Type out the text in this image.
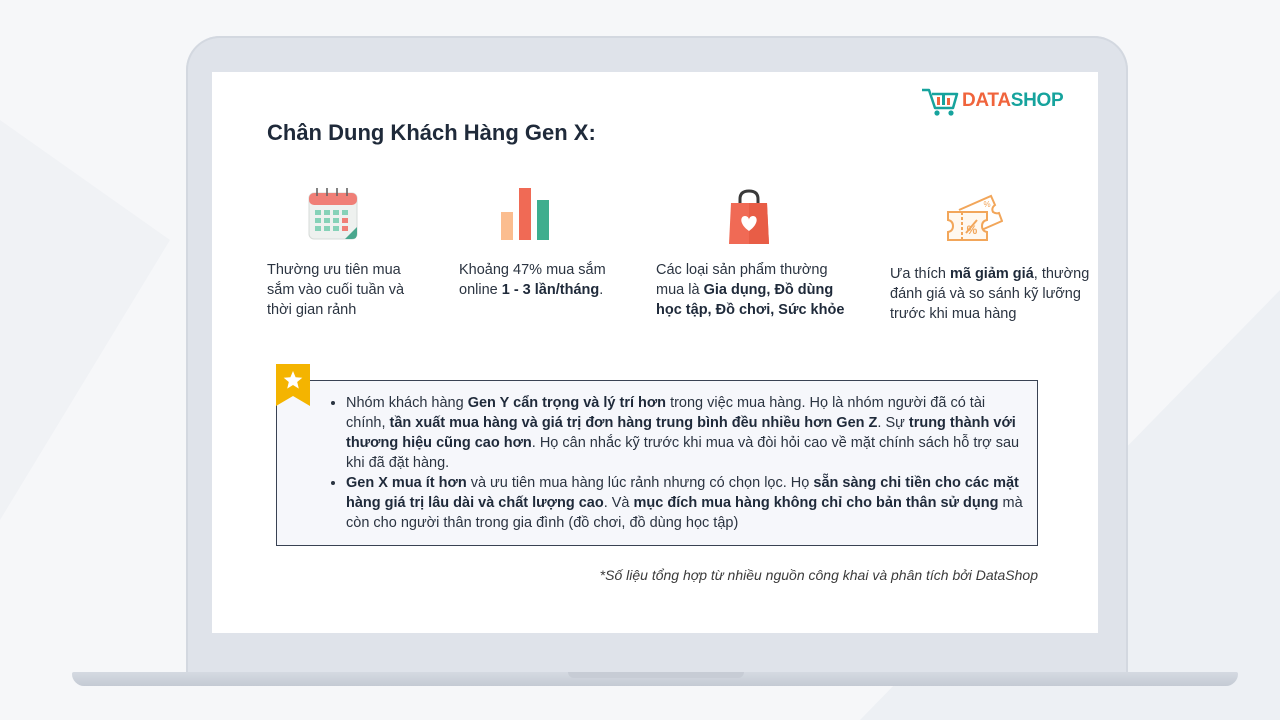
DATASHOP
Chân Dung Khách Hàng Gen X:
%
%

Thường ưu tiên mua sắm vào cuối tuần và thời gian rảnh

Khoảng 47% mua sắm online 1 - 3 lần/tháng.

Các loại sản phẩm thường mua là Gia dụng, Đồ dùng học tập, Đồ chơi, Sức khỏe

Ưa thích mã giảm giá, thường đánh giá và so sánh kỹ lưỡng trước khi mua hàng

• Nhóm khách hàng Gen Y cẩn trọng và lý trí hơn trong việc mua hàng. Họ là nhóm người đã có tài chính, tần xuất mua hàng và giá trị đơn hàng trung bình đều nhiều hơn Gen Z. Sự trung thành với thương hiệu cũng cao hơn. Họ cân nhắc kỹ trước khi mua và đòi hỏi cao về mặt chính sách hỗ trợ sau khi đã đặt hàng.
• Gen X mua ít hơn và ưu tiên mua hàng lúc rảnh nhưng có chọn lọc. Họ sẵn sàng chi tiền cho các mặt hàng giá trị lâu dài và chất lượng cao. Và mục đích mua hàng không chỉ cho bản thân sử dụng mà còn cho người thân trong gia đình (đồ chơi, đồ dùng học tập)

*Số liệu tổng hợp từ nhiều nguồn công khai và phân tích bởi DataShop
